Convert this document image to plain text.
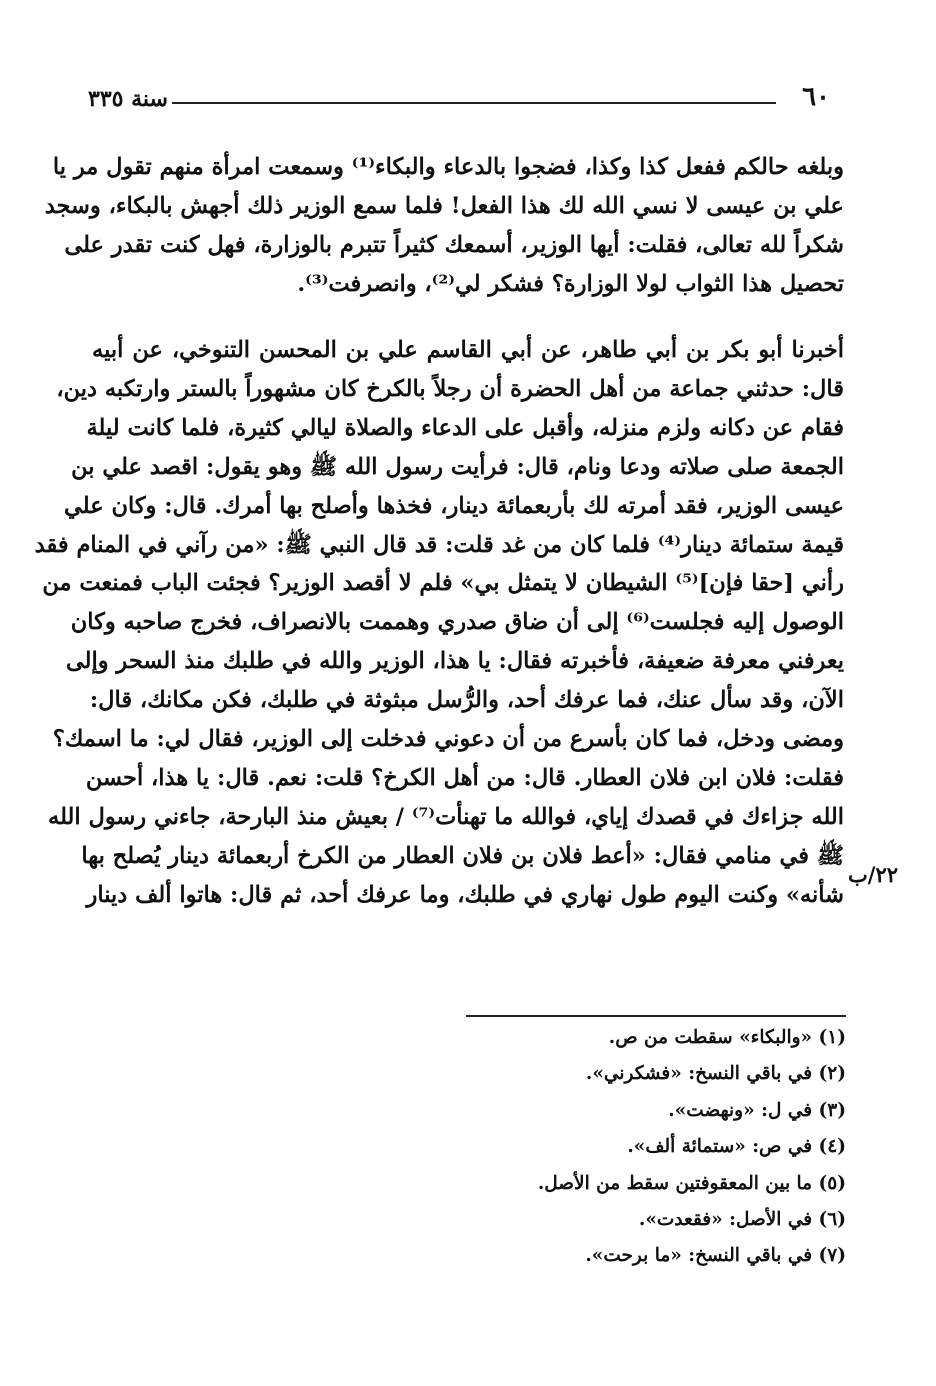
٦٠
سنة ٣٣٥
وبلغه حالكم ففعل كذا وكذا، فضجوا بالدعاء والبكاء⁽¹⁾ وسمعت امرأة منهم تقول مر يا
علي بن عيسى لا نسي الله لك هذا الفعل! فلما سمع الوزير ذلك أجهش بالبكاء، وسجد
شكراً لله تعالى، فقلت: أيها الوزير، أسمعك كثيراً تتبرم بالوزارة، فهل كنت تقدر على
تحصيل هذا الثواب لولا الوزارة؟ فشكر لي⁽²⁾، وانصرفت⁽³⁾.
أخبرنا أبو بكر بن أبي طاهر، عن أبي القاسم علي بن المحسن التنوخي، عن أبيه
قال: حدثني جماعة من أهل الحضرة أن رجلاً بالكرخ كان مشهوراً بالستر وارتكبه دين،
فقام عن دكانه ولزم منزله، وأقبل على الدعاء والصلاة ليالي كثيرة، فلما كانت ليلة
الجمعة صلى صلاته ودعا ونام، قال: فرأيت رسول الله ﷺ وهو يقول: اقصد علي بن
عيسى الوزير، فقد أمرته لك بأربعمائة دينار، فخذها وأصلح بها أمرك. قال: وكان علي
قيمة ستمائة دينار⁽⁴⁾ فلما كان من غد قلت: قد قال النبي ﷺ: «من رآني في المنام فقد
رأني [حقا فإن]⁽⁵⁾ الشيطان لا يتمثل بي» فلم لا أقصد الوزير؟ فجئت الباب فمنعت من
الوصول إليه فجلست⁽⁶⁾ إلى أن ضاق صدري وهممت بالانصراف، فخرج صاحبه وكان
يعرفني معرفة ضعيفة، فأخبرته فقال: يا هذا، الوزير والله في طلبك منذ السحر وإلى
الآن، وقد سأل عنك، فما عرفك أحد، والرُّسل مبثوثة في طلبك، فكن مكانك، قال:
ومضى ودخل، فما كان بأسرع من أن دعوني فدخلت إلى الوزير، فقال لي: ما اسمك؟
فقلت: فلان ابن فلان العطار. قال: من أهل الكرخ؟ قلت: نعم. قال: يا هذا، أحسن
الله جزاءك في قصدك إياي، فوالله ما تهنأت⁽⁷⁾ / بعيش منذ البارحة، جاءني رسول الله
ﷺ في منامي فقال: «أعط فلان بن فلان العطار من الكرخ أربعمائة دينار يُصلح بها
شأنه» وكنت اليوم طول نهاري في طلبك، وما عرفك أحد، ثم قال: هاتوا ألف دينار
٢٢/ب
(١) «والبكاء» سقطت من ص.
(٢) في باقي النسخ: «فشكرني».
(٣) في ل: «ونهضت».
(٤) في ص: «ستمائة ألف».
(٥) ما بين المعقوفتين سقط من الأصل.
(٦) في الأصل: «فقعدت».
(٧) في باقي النسخ: «ما برحت».
